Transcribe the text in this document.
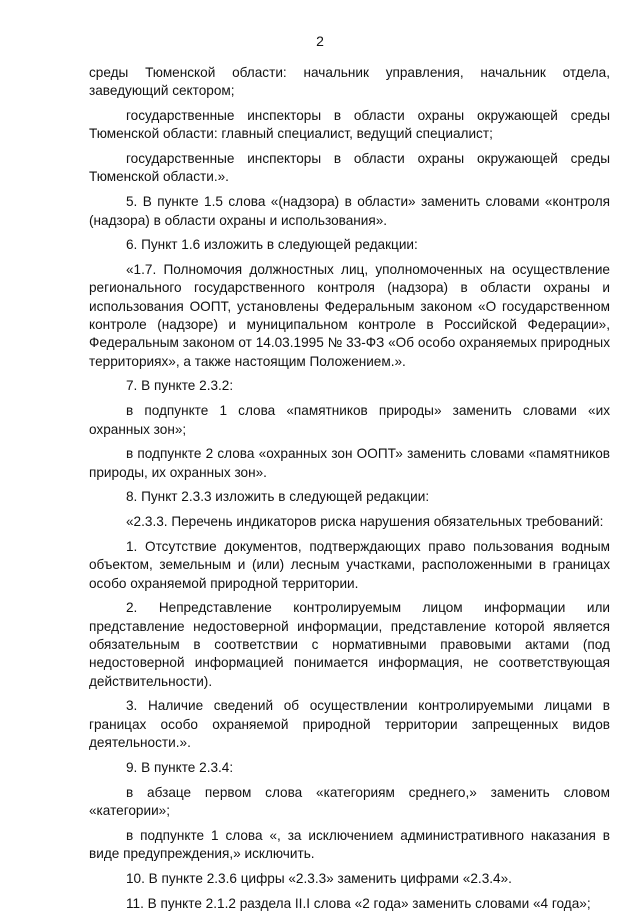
2

среды Тюменской области: начальник управления, начальник отдела, заведующий сектором;

государственные инспекторы в области охраны окружающей среды Тюменской области: главный специалист, ведущий специалист;

государственные инспекторы в области охраны окружающей среды Тюменской области.».

5. В пункте 1.5 слова «(надзора) в области» заменить словами «контроля (надзора) в области охраны и использования».

6. Пункт 1.6 изложить в следующей редакции:

«1.7. Полномочия должностных лиц, уполномоченных на осуществление регионального государственного контроля (надзора) в области охраны и использования ООПТ, установлены Федеральным законом «О государственном контроле (надзоре) и муниципальном контроле в Российской Федерации», Федеральным законом от 14.03.1995 № 33-ФЗ «Об особо охраняемых природных территориях», а также настоящим Положением.».

7. В пункте 2.3.2:

в подпункте 1 слова «памятников природы» заменить словами «их охранных зон»;

в подпункте 2 слова «охранных зон ООПТ» заменить словами «памятников природы, их охранных зон».

8. Пункт 2.3.3 изложить в следующей редакции:

«2.3.3. Перечень индикаторов риска нарушения обязательных требований:

1. Отсутствие документов, подтверждающих право пользования водным объектом, земельным и (или) лесным участками, расположенными в границах особо охраняемой природной территории.

2. Непредставление контролируемым лицом информации или представление недостоверной информации, представление которой является обязательным в соответствии с нормативными правовыми актами (под недостоверной информацией понимается информация, не соответствующая действительности).

3. Наличие сведений об осуществлении контролируемыми лицами в границах особо охраняемой природной территории запрещенных видов деятельности.».

9. В пункте 2.3.4:

в абзаце первом слова «категориям среднего,» заменить словом «категории»;

в подпункте 1 слова «, за исключением административного наказания в виде предупреждения,» исключить.

10. В пункте 2.3.6 цифры «2.3.3» заменить цифрами «2.3.4».

11. В пункте 2.1.2 раздела II.I слова «2 года» заменить словами «4 года»;
